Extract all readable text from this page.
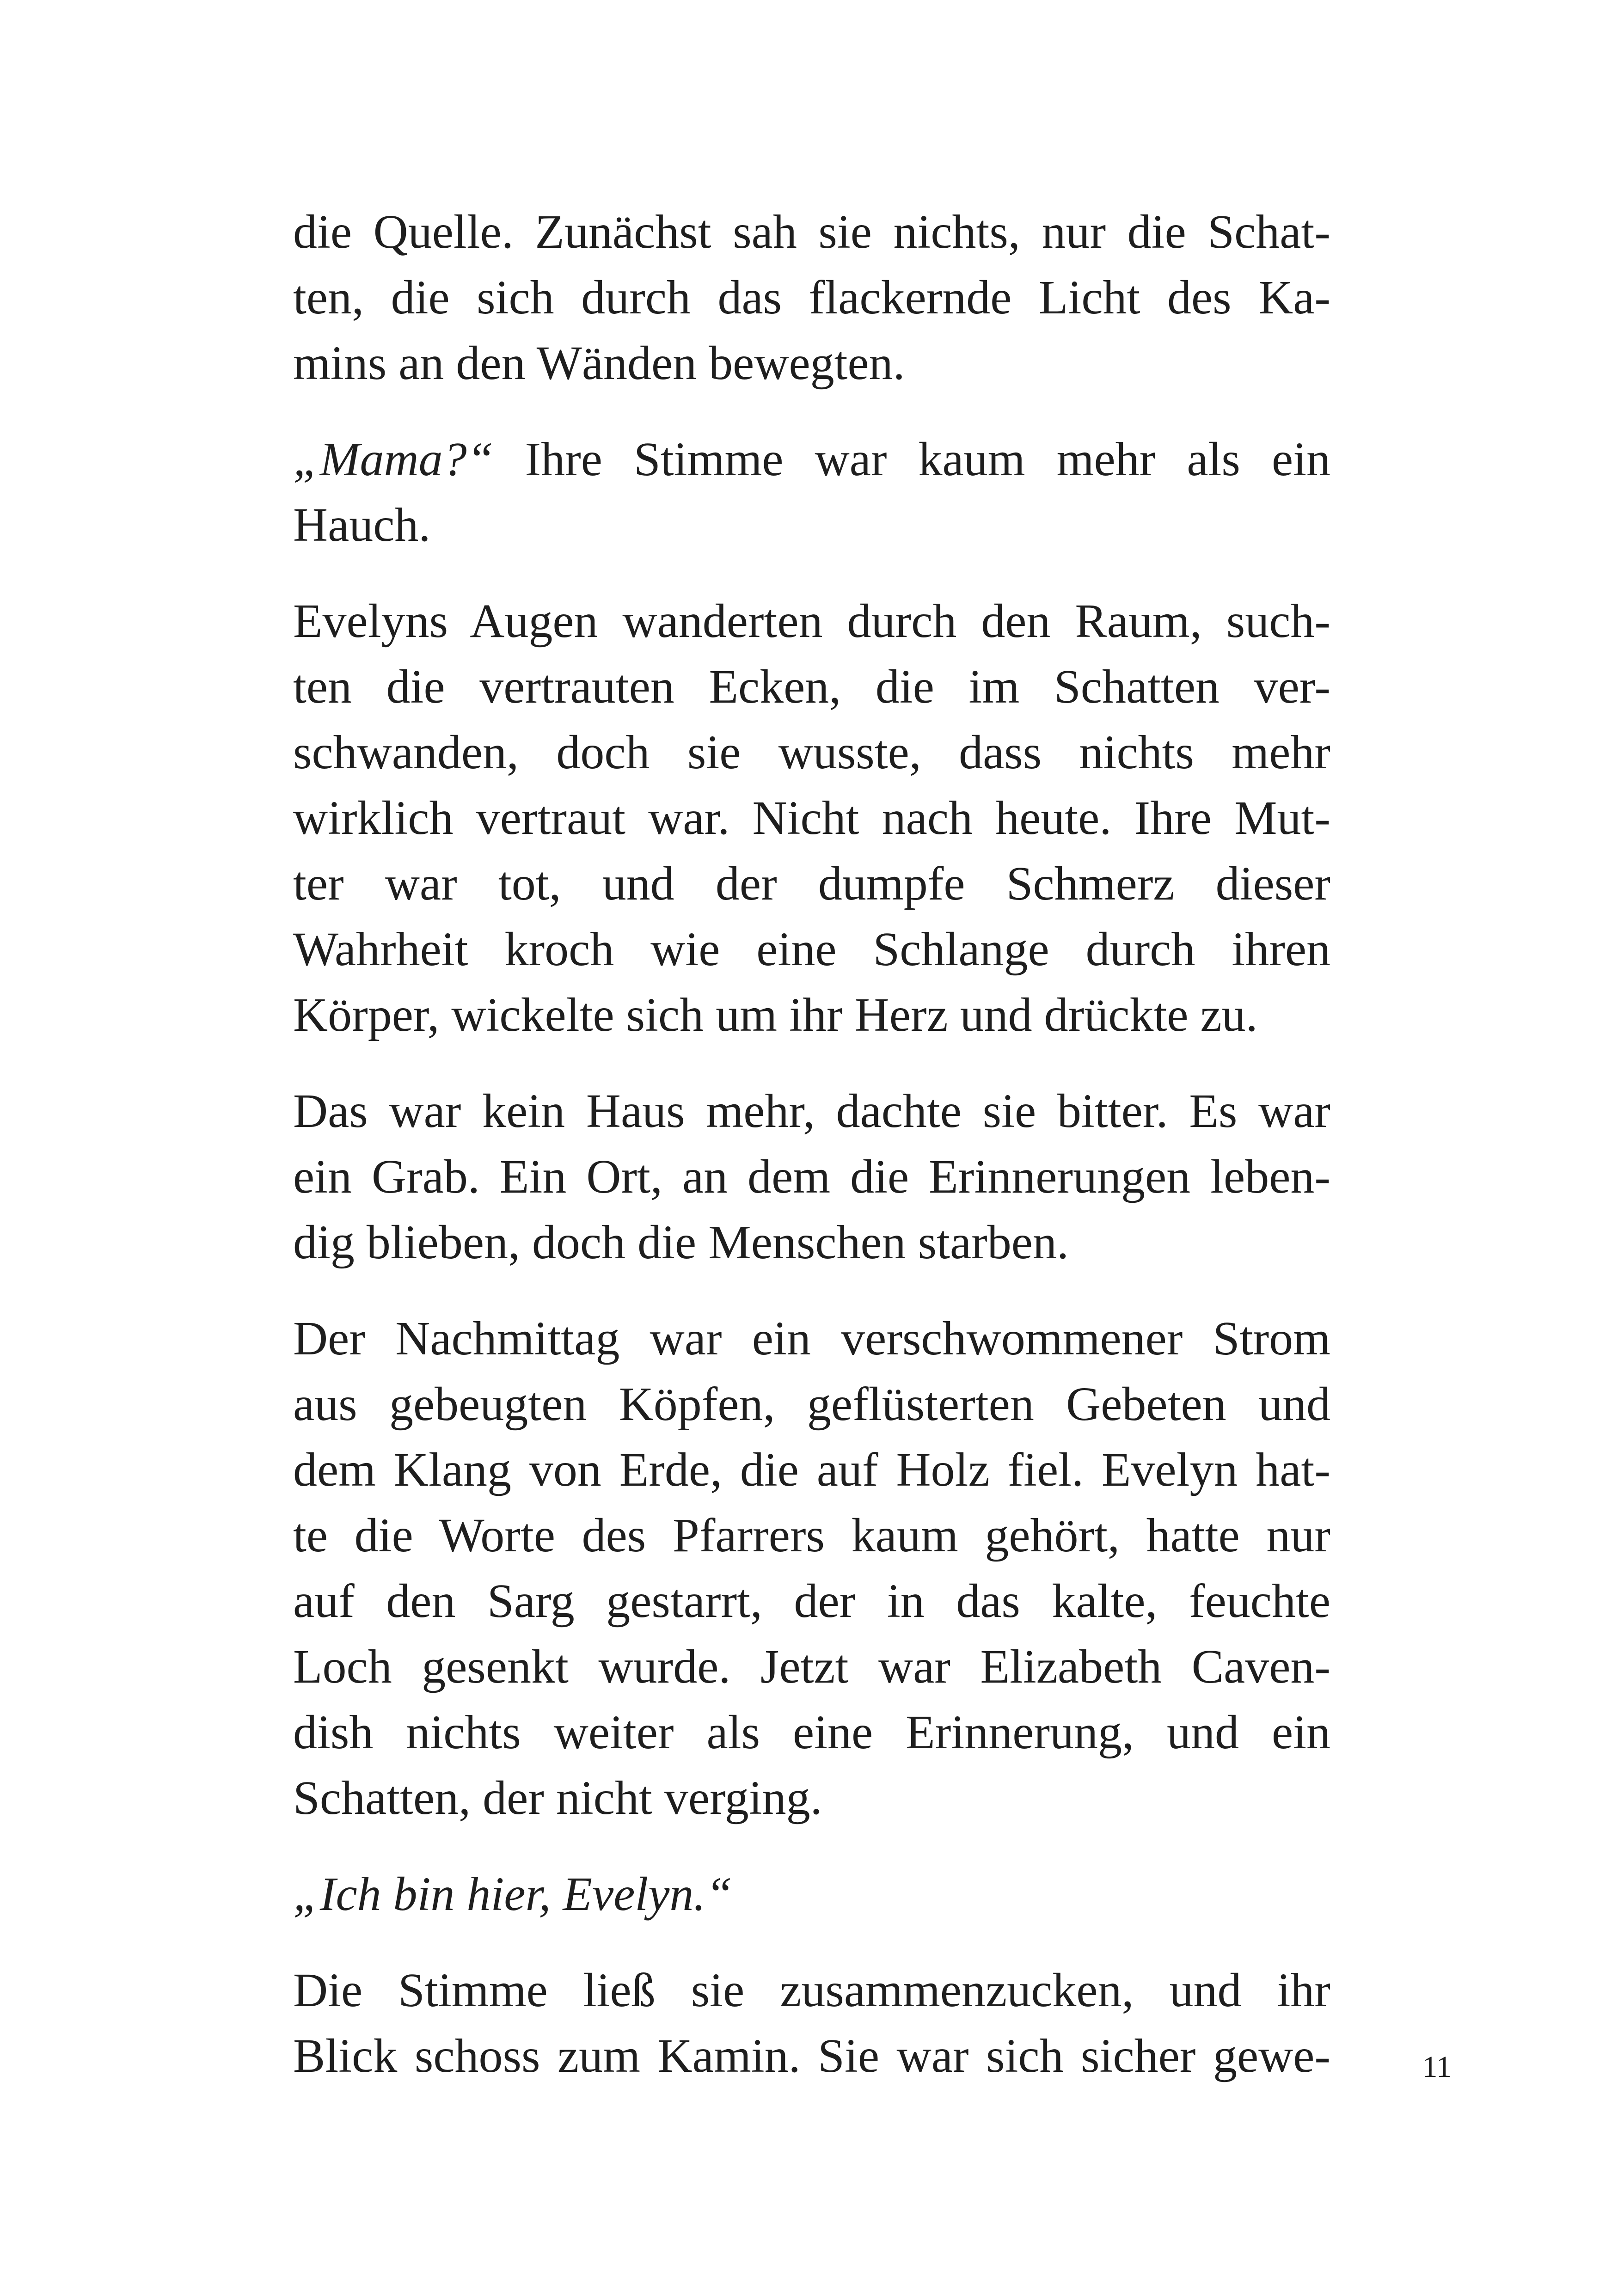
die Quelle. Zunächst sah sie nichts, nur die Schat-
ten, die sich durch das flackernde Licht des Ka-
mins an den Wänden bewegten.
„Mama?“ Ihre Stimme war kaum mehr als ein
Hauch.
Evelyns Augen wanderten durch den Raum, such-
ten die vertrauten Ecken, die im Schatten ver-
schwanden, doch sie wusste, dass nichts mehr
wirklich vertraut war. Nicht nach heute. Ihre Mut-
ter war tot, und der dumpfe Schmerz dieser
Wahrheit kroch wie eine Schlange durch ihren
Körper, wickelte sich um ihr Herz und drückte zu.
Das war kein Haus mehr, dachte sie bitter. Es war
ein Grab. Ein Ort, an dem die Erinnerungen leben-
dig blieben, doch die Menschen starben.
Der Nachmittag war ein verschwommener Strom
aus gebeugten Köpfen, geflüsterten Gebeten und
dem Klang von Erde, die auf Holz fiel. Evelyn hat-
te die Worte des Pfarrers kaum gehört, hatte nur
auf den Sarg gestarrt, der in das kalte, feuchte
Loch gesenkt wurde. Jetzt war Elizabeth Caven-
dish nichts weiter als eine Erinnerung, und ein
Schatten, der nicht verging.
„Ich bin hier, Evelyn.“
Die Stimme ließ sie zusammenzucken, und ihr
Blick schoss zum Kamin. Sie war sich sicher gewe-	11
